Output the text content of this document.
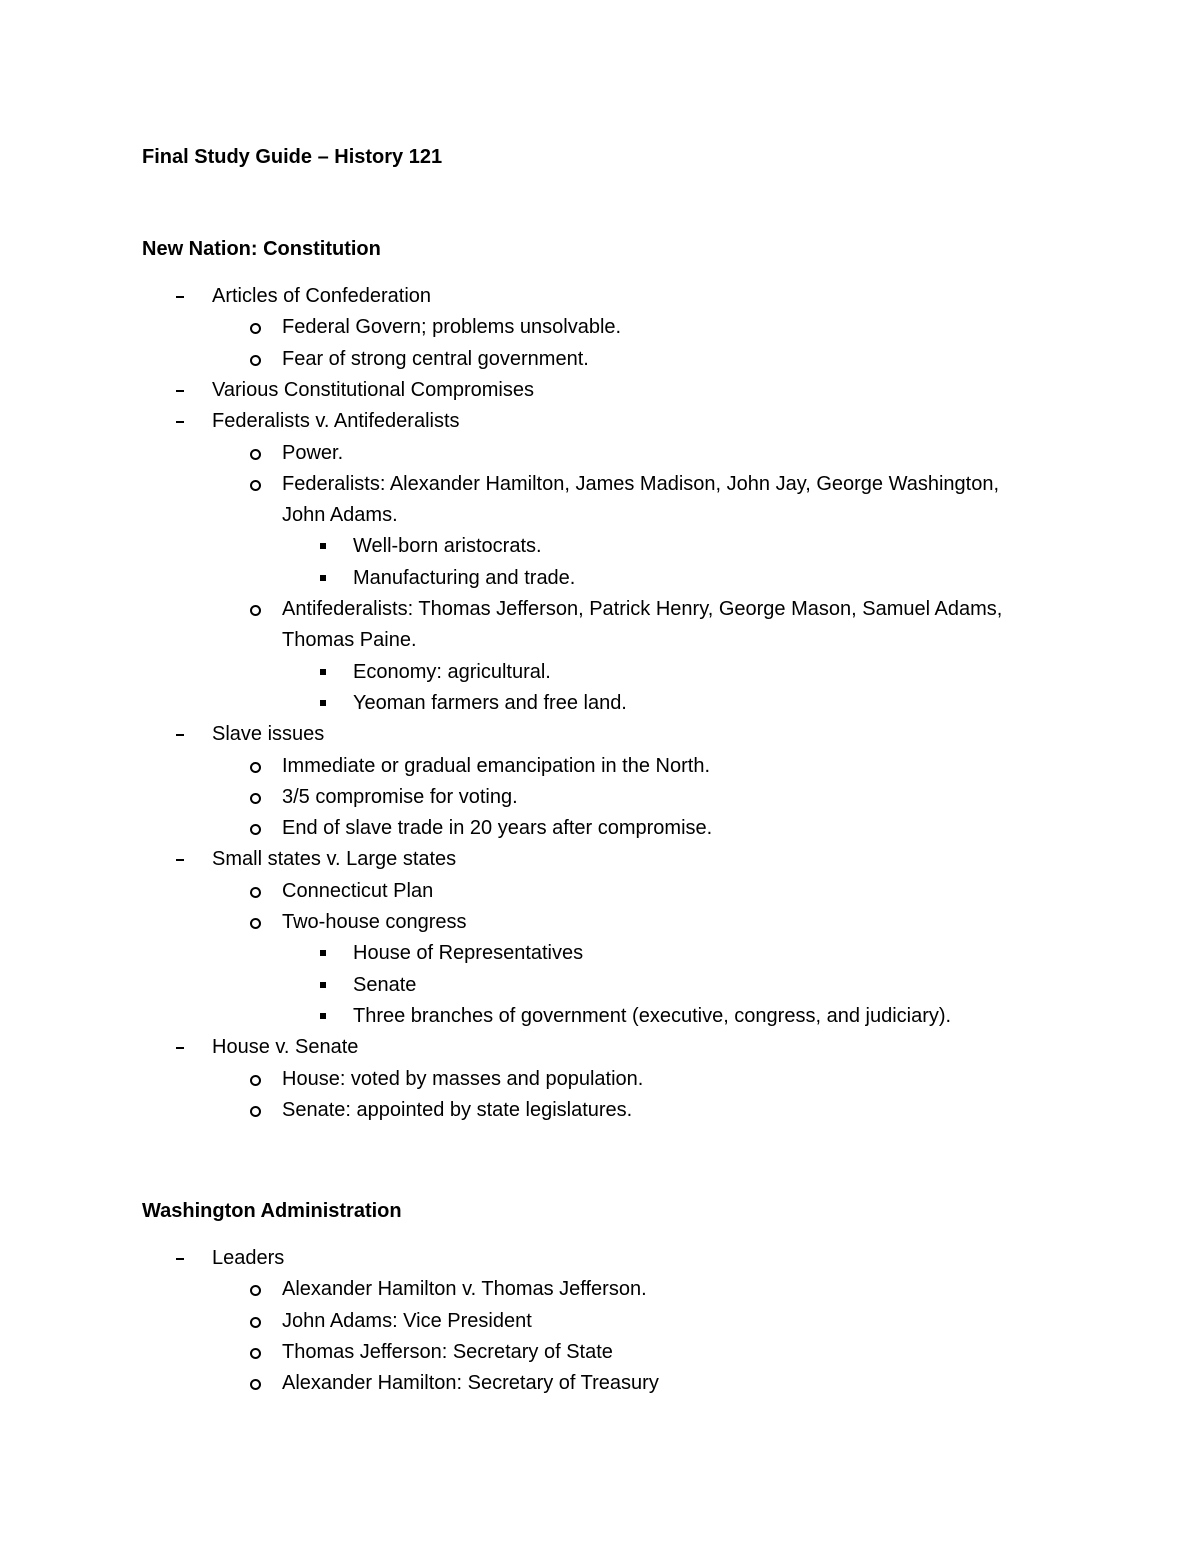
Final Study Guide – History 121
New Nation: Constitution
Articles of Confederation
Federal Govern; problems unsolvable.
Fear of strong central government.
Various Constitutional Compromises
Federalists v. Antifederalists
Power.
Federalists: Alexander Hamilton, James Madison, John Jay, George Washington,
John Adams.
Well-born aristocrats.
Manufacturing and trade.
Antifederalists: Thomas Jefferson, Patrick Henry, George Mason, Samuel Adams,
Thomas Paine.
Economy: agricultural.
Yeoman farmers and free land.
Slave issues
Immediate or gradual emancipation in the North.
3/5 compromise for voting.
End of slave trade in 20 years after compromise.
Small states v. Large states
Connecticut Plan
Two-house congress
House of Representatives
Senate
Three branches of government (executive, congress, and judiciary).
House v. Senate
House: voted by masses and population.
Senate: appointed by state legislatures.
Washington Administration
Leaders
Alexander Hamilton v. Thomas Jefferson.
John Adams: Vice President
Thomas Jefferson: Secretary of State
Alexander Hamilton: Secretary of Treasury
